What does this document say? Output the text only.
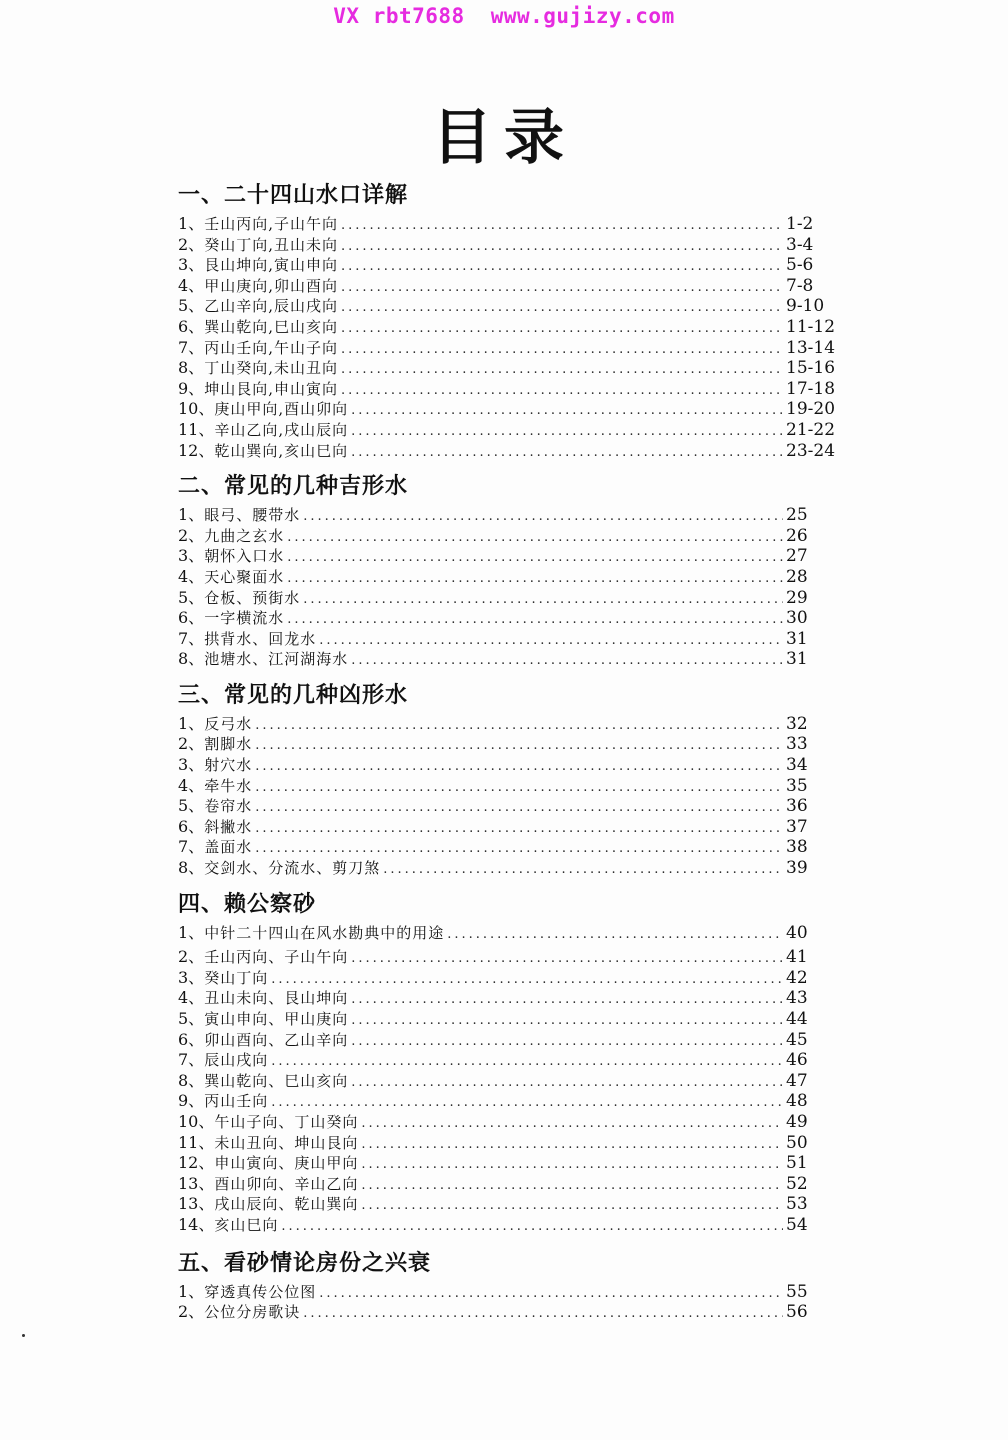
VX rbt7688 www.gujizy.com
目录
一、二十四山水口详解
1、 壬山丙向,子山午向 .....	1-2
2、 癸山丁向,丑山未向 .....	3-4
3、 艮山坤向,寅山申向 .....	5-6
4、 甲山庚向,卯山酉向 .....	7-8
5、 乙山辛向,辰山戌向 .....	9-10
6、 巽山乾向,巳山亥向 .....	11-12
7、 丙山壬向,午山子向 .....	13-14
8、 丁山癸向,未山丑向 .....	15-16
9、 坤山艮向,申山寅向 .....	17-18
10、 庚山甲向,酉山卯向 .....	19-20
11、 辛山乙向,戌山辰向 .....	21-22
12、 乾山巽向,亥山巳向 .....	23-24
二、常见的几种吉形水
1、 眼弓、腰带水 .....	25
2、 九曲之玄水 .....	26
3、 朝怀入口水 .....	27
4、 天心聚面水 .....	28
5、 仓板、预街水 .....	29
6、 一字横流水 .....	30
7、 拱背水、回龙水 .....	31
8、 池塘水、江河湖海水 .....	31
三、常见的几种凶形水
1、 反弓水 .....	32
2、 割脚水 .....	33
3、 射穴水 .....	34
4、 牵牛水 .....	35
5、 卷帘水 .....	36
6、 斜撇水 .....	37
7、 盖面水 .....	38
8、 交剑水、分流水、剪刀煞 .....	39
四、赖公察砂
1、 中针二十四山在风水勘典中的用途 .....	40
2、 壬山丙向、子山午向 .....	41
3、 癸山丁向 .....	42
4、 丑山未向、艮山坤向 .....	43
5、 寅山申向、甲山庚向 .....	44
6、 卯山酉向、乙山辛向 .....	45
7、 辰山戌向 .....	46
8、 巽山乾向、巳山亥向 .....	47
9、 丙山壬向 .....	48
10、 午山子向、丁山癸向 .....	49
11、 未山丑向、坤山艮向 .....	50
12、 申山寅向、庚山甲向 .....	51
13、 酉山卯向、辛山乙向 .....	52
13、 戌山辰向、乾山巽向 .....	53
14、 亥山巳向 .....	54
五、看砂情论房份之兴衰
1、 穿透真传公位图 .....	55
2、 公位分房歌诀 .....	56
